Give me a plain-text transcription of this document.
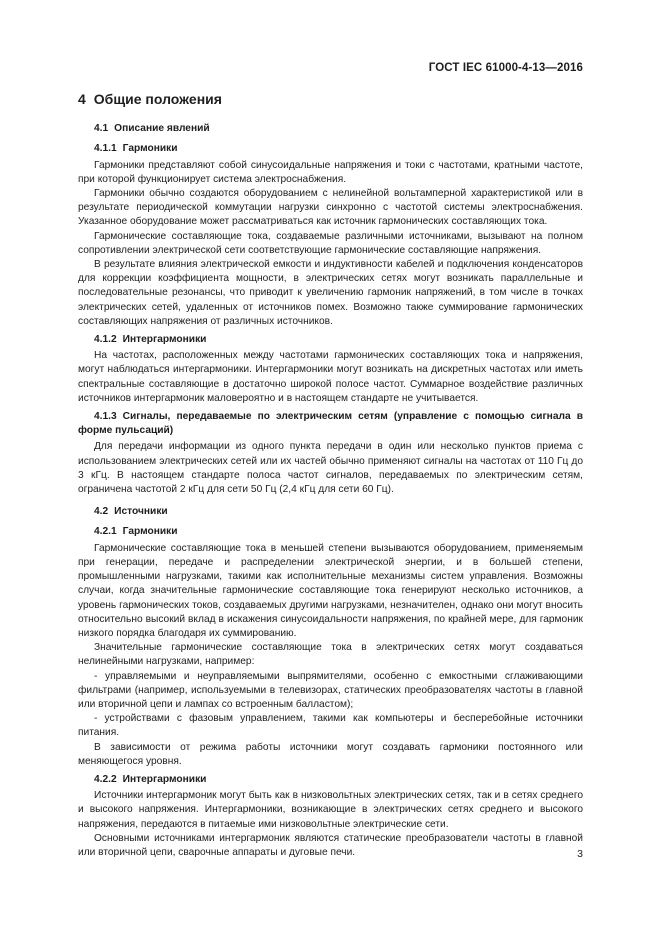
ГОСТ IEC 61000-4-13—2016
4 Общие положения
4.1 Описание явлений
4.1.1 Гармоники

Гармоники представляют собой синусоидальные напряжения и токи с частотами, кратными частоте, при которой функционирует система электроснабжения.

Гармоники обычно создаются оборудованием с нелинейной вольтамперной характеристикой или в результате периодической коммутации нагрузки синхронно с частотой системы электроснабжения. Указанное оборудование может рассматриваться как источник гармонических составляющих тока.

Гармонические составляющие тока, создаваемые различными источниками, вызывают на полном сопротивлении электрической сети соответствующие гармонические составляющие напряжения.

В результате влияния электрической емкости и индуктивности кабелей и подключения конденсаторов для коррекции коэффициента мощности, в электрических сетях могут возникать параллельные и последовательные резонансы, что приводит к увеличению гармоник напряжений, в том числе в точках электрических сетей, удаленных от источников помех. Возможно также суммирование гармонических составляющих напряжения от различных источников.

4.1.2 Интергармоники

На частотах, расположенных между частотами гармонических составляющих тока и напряжения, могут наблюдаться интергармоники. Интергармоники могут возникать на дискретных частотах или иметь спектральные составляющие в достаточно широкой полосе частот. Суммарное воздействие различных источников интергармоник маловероятно и в настоящем стандарте не учитывается.

4.1.3 Сигналы, передаваемые по электрическим сетям (управление с помощью сигнала в форме пульсаций)

Для передачи информации из одного пункта передачи в один или несколько пунктов приема с использованием электрических сетей или их частей обычно применяют сигналы на частотах от 110 Гц до 3 кГц. В настоящем стандарте полоса частот сигналов, передаваемых по электрическим сетям, ограничена частотой 2 кГц для сети 50 Гц (2,4 кГц для сети 60 Гц).

4.2 Источники
4.2.1 Гармоники

Гармонические составляющие тока в меньшей степени вызываются оборудованием, применяемым при генерации, передаче и распределении электрической энергии, и в большей степени, промышленными нагрузками, такими как исполнительные механизмы систем управления. Возможны случаи, когда значительные гармонические составляющие тока генерируют несколько источников, а уровень гармонических токов, создаваемых другими нагрузками, незначителен, однако они могут вносить относительно высокий вклад в искажения синусоидальности напряжения, по крайней мере, для гармоник низкого порядка благодаря их суммированию.

Значительные гармонические составляющие тока в электрических сетях могут создаваться нелинейными нагрузками, например:

- управляемыми и неуправляемыми выпрямителями, особенно с емкостными сглаживающими фильтрами (например, используемыми в телевизорах, статических преобразователях частоты в главной или вторичной цепи и лампах со встроенным балластом);

- устройствами с фазовым управлением, такими как компьютеры и бесперебойные источники питания.

В зависимости от режима работы источники могут создавать гармоники постоянного или меняющегося уровня.

4.2.2 Интергармоники

Источники интергармоник могут быть как в низковольтных электрических сетях, так и в сетях среднего и высокого напряжения. Интергармоники, возникающие в электрических сетях среднего и высокого напряжения, передаются в питаемые ими низковольтные электрические сети.

Основными источниками интергармоник являются статические преобразователи частоты в главной или вторичной цепи, сварочные аппараты и дуговые печи.	3
